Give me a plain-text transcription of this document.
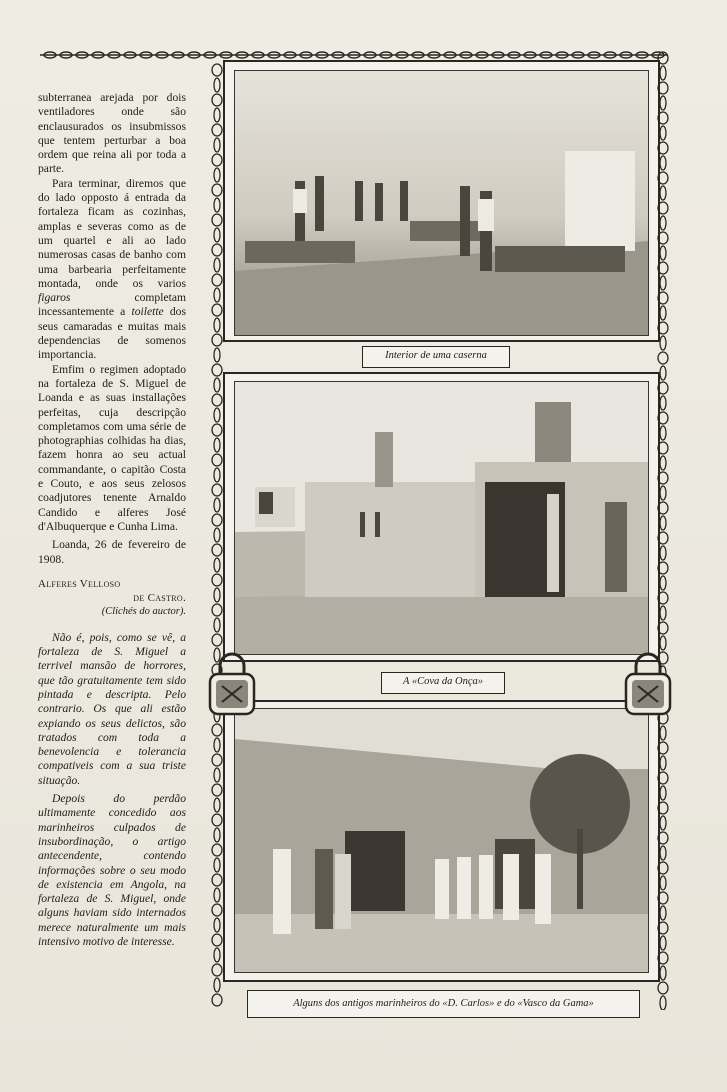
subterranea arejada por dois ventiladores onde são enclausurados os insubmissos que tentem perturbar a boa ordem que reina ali por toda a parte.

Para terminar, diremos que do lado opposto á entrada da fortaleza ficam as cozinhas, amplas e severas como as de um quartel e ali ao lado numerosas casas de banho com uma barbearia perfeitamente montada, onde os varios figaros completam incessantemente a toilette dos seus camaradas e muitas mais dependencias de somenos importancia.

Emfim o regimen adoptado na fortaleza de S. Miguel de Loanda e as suas installações perfeitas, cuja descripção completamos com uma série de photographias colhidas ha dias, fazem honra ao seu actual commandante, o capitão Costa e Couto, e aos seus zelosos coadjutores tenente Arnaldo Candido e alferes José d'Albuquerque e Cunha Lima.

Loanda, 26 de fevereiro de 1908.

Alferes Velloso
de Castro.
(Clichés do auctor).

Não é, pois, como se vê, a fortaleza de S. Miguel a terrivel mansão de horrores, que tão gratuitamente tem sido pintada e descripta. Pelo contrario. Os que ali estão expiando os seus delictos, são tratados com toda a benevolencia e tolerancia compativeis com a sua triste situação.

Depois do perdão ultimamente concedido aos marinheiros culpados de insubordinação, o artigo antecendente, contendo informações sobre o seu modo de existencia em Angola, na fortaleza de S. Miguel, onde alguns haviam sido internados merece naturalmente um mais intensivo motivo de interesse.

Interior de uma caserna
A «Cova da Onça»
Alguns dos antigos marinheiros do «D. Carlos» e do «Vasco da Gama»
